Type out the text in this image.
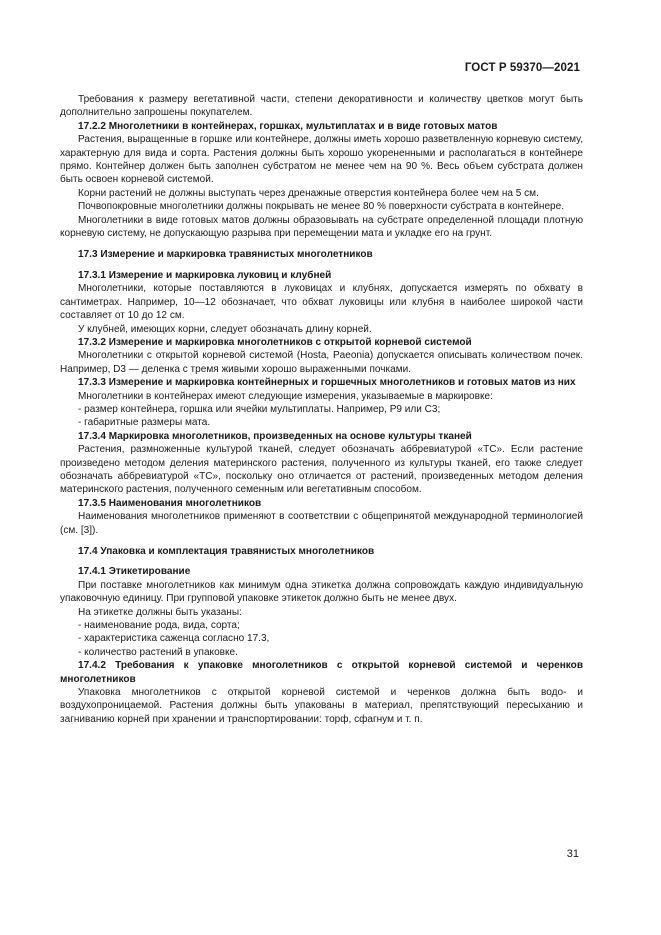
ГОСТ Р 59370—2021

Требования к размеру вегетативной части, степени декоративности и количеству цветков могут быть дополнительно запрошены покупателем.

17.2.2 Многолетники в контейнерах, горшках, мультиплатах и в виде готовых матов

Растения, выращенные в горшке или контейнере, должны иметь хорошо разветвленную корневую систему, характерную для вида и сорта. Растения должны быть хорошо укорененными и располагаться в контейнере прямо. Контейнер должен быть заполнен субстратом не менее чем на 90 %. Весь объем субстрата должен быть освоен корневой системой.

Корни растений не должны выступать через дренажные отверстия контейнера более чем на 5 см.

Почвопокровные многолетники должны покрывать не менее 80 % поверхности субстрата в контейнере.

Многолетники в виде готовых матов должны образовывать на субстрате определенной площади плотную корневую систему, не допускающую разрыва при перемещении мата и укладке его на грунт.

17.3 Измерение и маркировка травянистых многолетников

17.3.1 Измерение и маркировка луковиц и клубней

Многолетники, которые поставляются в луковицах и клубнях, допускается измерять по обхвату в сантиметрах. Например, 10—12 обозначает, что обхват луковицы или клубня в наиболее широкой части составляет от 10 до 12 см.

У клубней, имеющих корни, следует обозначать длину корней.

17.3.2 Измерение и маркировка многолетников с открытой корневой системой

Многолетники с открытой корневой системой (Hosta, Paeonia) допускается описывать количеством почек. Например, D3 — деленка с тремя живыми хорошо выраженными почками.

17.3.3 Измерение и маркировка контейнерных и горшечных многолетников и готовых матов из них

Многолетники в контейнерах имеют следующие измерения, указываемые в маркировке:

- размер контейнера, горшка или ячейки мультиплаты. Например, Р9 или С3;

- габаритные размеры мата.

17.3.4 Маркировка многолетников, произведенных на основе культуры тканей

Растения, размноженные культурой тканей, следует обозначать аббревиатурой «ТС». Если растение произведено методом деления материнского растения, полученного из культуры тканей, его также следует обозначать аббревиатурой «ТС», поскольку оно отличается от растений, произведенных методом деления материнского растения, полученного семенным или вегетативным способом.

17.3.5 Наименования многолетников

Наименования многолетников применяют в соответствии с общепринятой международной терминологией (см. [3]).

17.4 Упаковка и комплектация травянистых многолетников

17.4.1 Этикетирование

При поставке многолетников как минимум одна этикетка должна сопровождать каждую индивидуальную упаковочную единицу. При групповой упаковке этикеток должно быть не менее двух.

На этикетке должны быть указаны:

- наименование рода, вида, сорта;

- характеристика саженца согласно 17.3,

- количество растений в упаковке.

17.4.2 Требования к упаковке многолетников с открытой корневой системой и черенков многолетников

Упаковка многолетников с открытой корневой системой и черенков должна быть водо- и воздухопроницаемой. Растения должны быть упакованы в материал, препятствующий пересыханию и загниванию корней при хранении и транспортировании: торф, сфагнум и т. п.

31
